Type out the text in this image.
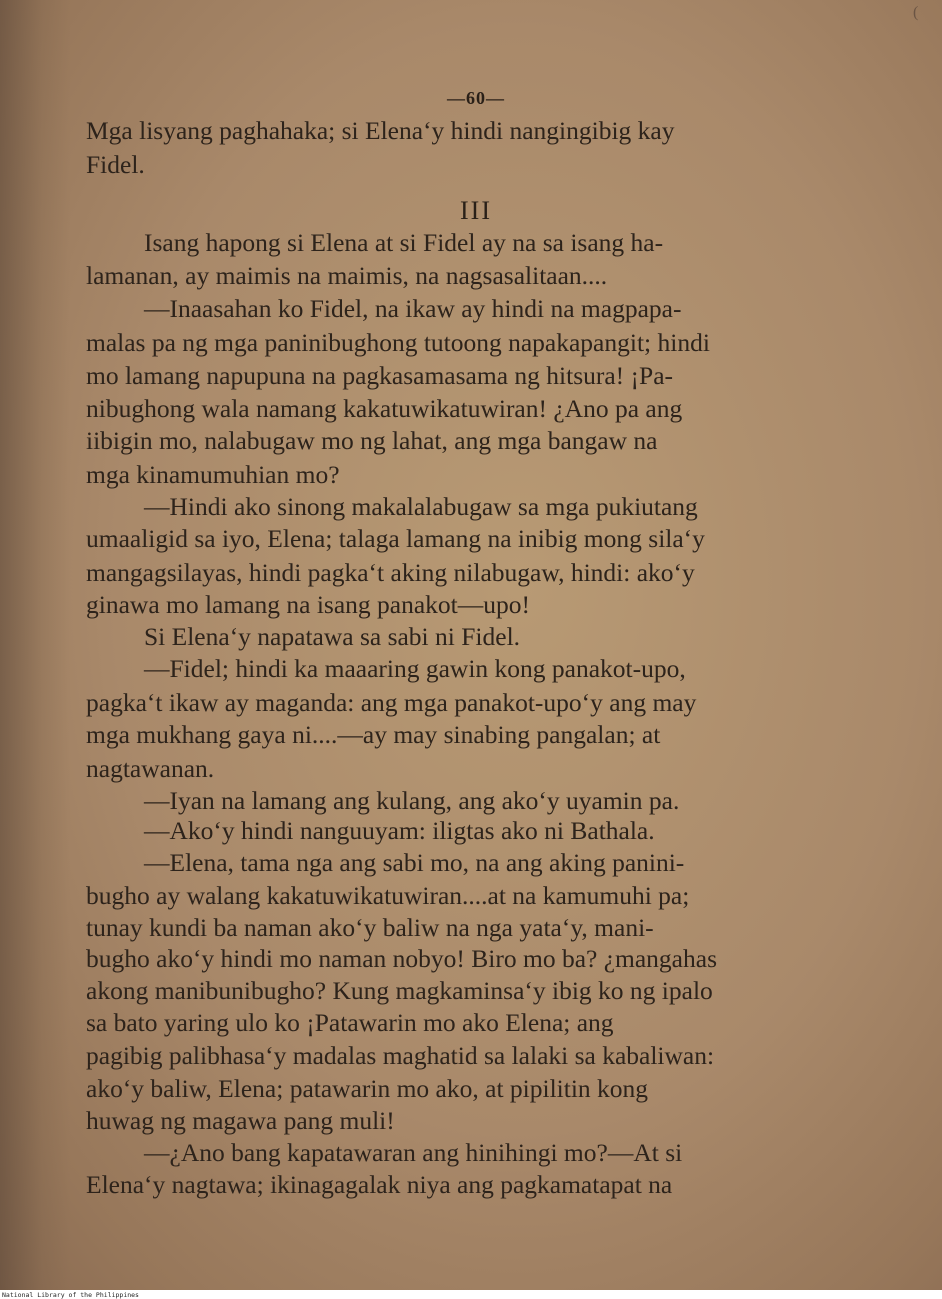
(
—60—
III
Mga lisyang paghahaka; si Elena‘y hindi nangingibig kay
Fidel.
Isang hapong si Elena at si Fidel ay na sa isang ha-
lamanan, ay maimis na maimis, na nagsasalitaan....
—Inaasahan ko Fidel, na ikaw ay hindi na magpapa-
malas pa ng mga paninibughong tutoong napakapangit; hindi
mo lamang napupuna na pagkasamasama ng hitsura! ¡Pa-
nibughong wala namang kakatuwikatuwiran! ¿Ano pa ang
iibigin mo, nalabugaw mo ng lahat, ang mga bangaw na
mga kinamumuhian mo?
—Hindi ako sinong makalalabugaw sa mga pukiutang
umaaligid sa iyo, Elena; talaga lamang na inibig mong sila‘y
mangagsilayas, hindi pagka‘t aking nilabugaw, hindi: ako‘y
ginawa mo lamang na isang panakot—upo!
Si Elena‘y napatawa sa sabi ni Fidel.
—Fidel; hindi ka maaaring gawin kong panakot-upo,
pagka‘t ikaw ay maganda: ang mga panakot-upo‘y ang may
mga mukhang gaya ni....—ay may sinabing pangalan; at
nagtawanan.
—Iyan na lamang ang kulang, ang ako‘y uyamin pa.
—Ako‘y hindi nanguuyam: iligtas ako ni Bathala.
—Elena, tama nga ang sabi mo, na ang aking panini-
bugho ay walang kakatuwikatuwiran....at na kamumuhi pa;
tunay kundi ba naman ako‘y baliw na nga yata‘y, mani-
bugho ako‘y hindi mo naman nobyo! Biro mo ba? ¿mangahas
akong manibunibugho? Kung magkaminsa‘y ibig ko ng ipalo
sa bato yaring ulo ko ¡Patawarin mo ako Elena; ang
pagibig palibhasa‘y madalas maghatid sa lalaki sa kabaliwan:
ako‘y baliw, Elena; patawarin mo ako, at pipilitin kong
huwag ng magawa pang muli!
—¿Ano bang kapatawaran ang hinihingi mo?—At si
Elena‘y nagtawa; ikinagagalak niya ang pagkamatapat na
National Library of the Philippines
